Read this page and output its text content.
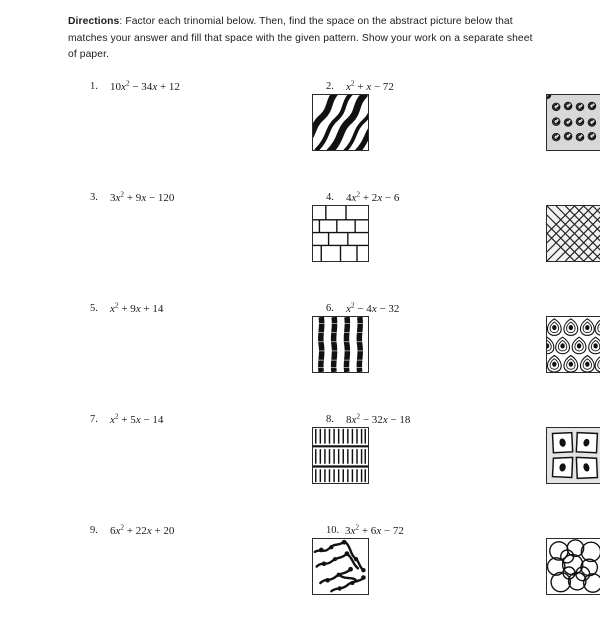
Directions: Factor each trinomial below. Then, find the space on the abstract picture below that matches your answer and fill that space with the given pattern. Show your work on a separate sheet of paper.
1.	$10x^2 - 34x + 12$	2.	$x^2 + x - 72$
3.	$3x^2 + 9x - 120$	4.	$4x^2 + 2x - 6$
5.	$x^2 + 9x + 14$	6.	$x^2 - 4x - 32$
7.	$x^2 + 5x - 14$	8.	$8x^2 - 32x - 18$
9.	$6x^2 + 22x + 20$	10. $3x^2 + 6x - 72$
